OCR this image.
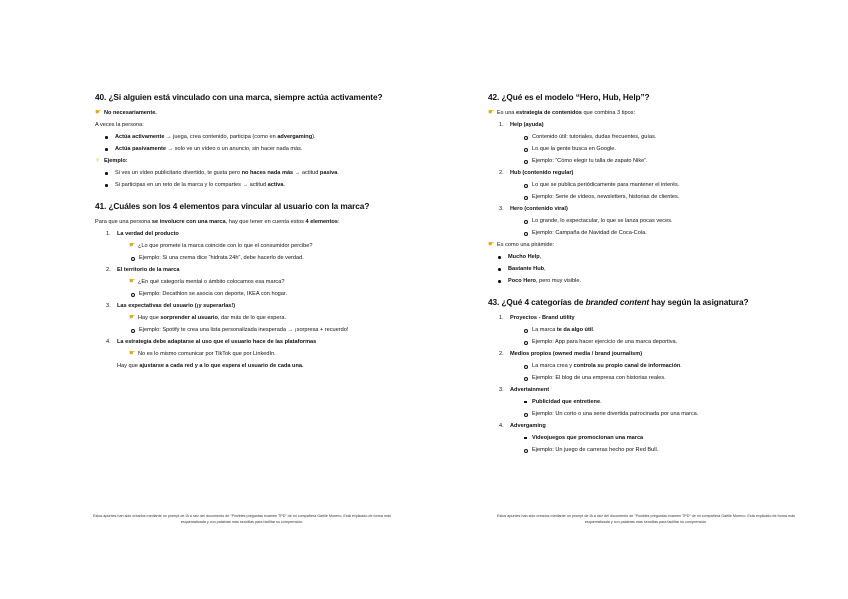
40. ¿Si alguien está vinculado con una marca, siempre actúa activamente?
☛ No necesariamente.
A veces la persona:
Actúa activamente → juega, crea contenido, participa (como en advergaming).
Actúa pasivamente → solo ve un vídeo o un anuncio, sin hacer nada más.
♀ Ejemplo:
Si ves un vídeo publicitario divertido, te gusta pero no haces nada más → actitud pasiva.
Si participas en un reto de la marca y lo compartes → actitud activa.
41. ¿Cuáles son los 4 elementos para vincular al usuario con la marca?
Para que una persona se involucre con una marca, hay que tener en cuenta estos 4 elementos:
1. La verdad del producto
☛ ¿Lo que promete la marca coincide con lo que el consumidor percibe?
Ejemplo: Si una crema dice “hidrata 24h”, debe hacerlo de verdad.
2. El territorio de la marca
☛ ¿En qué categoría mental o ámbito colocamos esa marca?
Ejemplo: Decathlon se asocia con deporte, IKEA con hogar.
3. Las expectativas del usuario (¡y superarlas!)
☛ Hay que sorprender al usuario, dar más de lo que espera.
Ejemplo: Spotify te crea una lista personalizada inesperada → ¡sorpresa + recuerdo!
4. La estrategia debe adaptarse al uso que el usuario hace de las plataformas
☛ No es lo mismo comunicar por TikTok que por LinkedIn.
Hay que ajustarse a cada red y a lo que espera el usuario de cada una.
Estos apuntes han sido creados mediante un prompt de IA a raíz del documento de “Posibles preguntas examen TPD” de mi compañera Gaëlle Moreno. Está explicado de forma más esquematizada y con palabras más sencillas para facilitar su comprensión.
42. ¿Qué es el modelo “Hero, Hub, Help”?
☛ Es una estrategia de contenidos que combina 3 tipos:
1. Help (ayuda)
Contenido útil: tutoriales, dudas frecuentes, guías.
Lo que la gente busca en Google.
Ejemplo: “Cómo elegir tu talla de zapato Nike”.
2. Hub (contenido regular)
Lo que se publica periódicamente para mantener el interés.
Ejemplo: Serie de vídeos, newsletters, historias de clientes.
3. Hero (contenido viral)
Lo grande, lo espectacular, lo que se lanza pocas veces.
Ejemplo: Campaña de Navidad de Coca-Cola.
☛ Es como una pirámide:
Mucho Help,
Bastante Hub,
Poco Hero, pero muy visible.
43. ¿Qué 4 categorías de branded content hay según la asignatura?
1. Proyectos - Brand utility
La marca te da algo útil.
Ejemplo: App para hacer ejercicio de una marca deportiva.
2. Medios propios (owned media / brand journalism)
La marca crea y controla su propio canal de información.
Ejemplo: El blog de una empresa con historias reales.
3. Advertainment
Publicidad que entretiene.
Ejemplo: Un corto o una serie divertida patrocinada por una marca.
4. Advergaming
Videojuegos que promocionan una marca
Ejemplo: Un juego de carreras hecho por Red Bull.
Estos apuntes han sido creados mediante un prompt de IA a raíz del documento de “Posibles preguntas examen TPD” de mi compañera Gaëlle Moreno. Está explicado de forma más esquematizada y con palabras más sencillas para facilitar su comprensión.
